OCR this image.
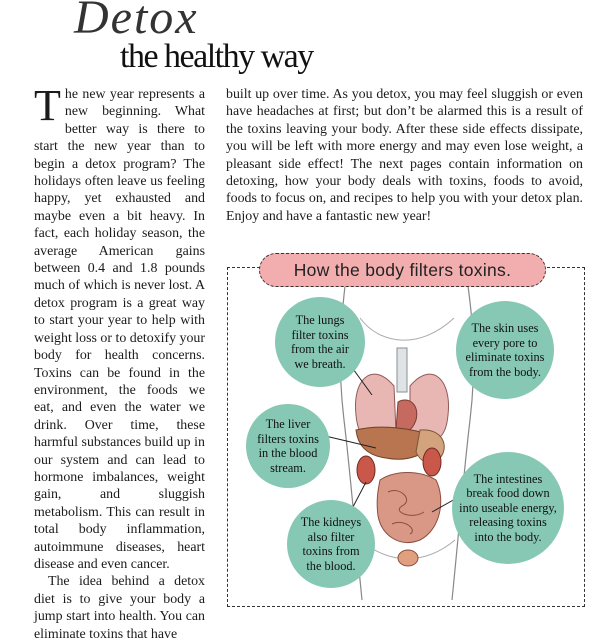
Detox
the healthy way

The new year represents a new beginning. What better way is there to start the new year than to begin a detox program? The holidays often leave us feeling happy, yet exhausted and maybe even a bit heavy. In fact, each holiday season, the average American gains between 0.4 and 1.8 pounds much of which is never lost. A detox program is a great way to start your year to help with weight loss or to detoxify your body for health concerns. Toxins can be found in the environment, the foods we eat, and even the water we drink. Over time, these harmful substances build up in our system and can lead to hormone imbalances, weight gain, and sluggish metabolism. This can result in total body inflammation, autoimmune diseases, heart disease and even cancer.

The idea behind a detox diet is to give your body a jump start into health. You can eliminate toxins that have

built up over time. As you detox, you may feel sluggish or even have headaches at first; but don’t be alarmed this is a result of the toxins leaving your body. After these side effects dissipate, you will be left with more energy and may even lose weight, a pleasant side effect! The next pages contain information on detoxing, how your body deals with toxins, foods to avoid, foods to focus on, and recipes to help you with your detox plan. Enjoy and have a fantastic new year!

How the body filters toxins.
The lungs
filter toxins
from the air
we breath.
The skin uses
every pore to
eliminate toxins
from the body.
The liver
filters toxins
in the blood
stream.
The intestines
break food down
into useable energy,
releasing toxins
into the body.
The kidneys
also filter
toxins from
the blood.
